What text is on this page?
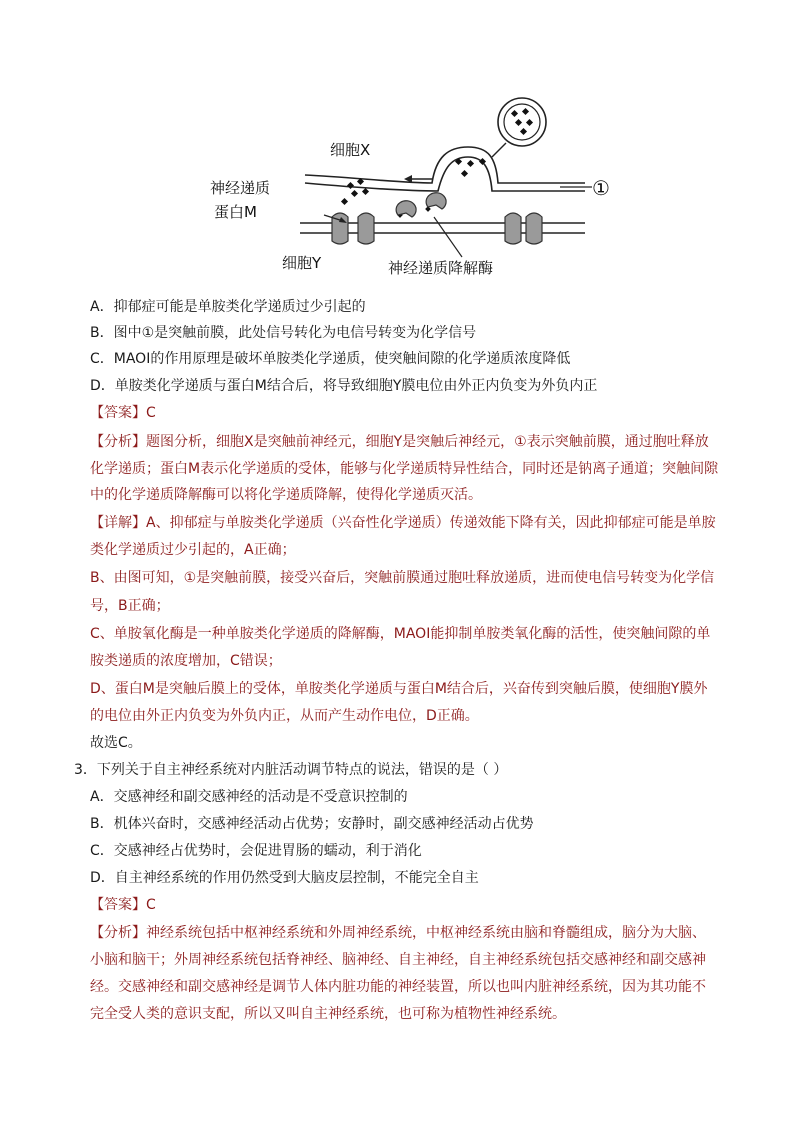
细胞X
神经递质
蛋白M
细胞Y	神经递质降解酶
①
A．抑郁症可能是单胺类化学递质过少引起的
B．图中①是突触前膜，此处信号转化为电信号转变为化学信号
C．MAOI的作用原理是破坏单胺类化学递质，使突触间隙的化学递质浓度降低
D．单胺类化学递质与蛋白M结合后，将导致细胞Y膜电位由外正内负变为外负内正
【答案】C
【分析】题图分析，细胞X是突触前神经元，细胞Y是突触后神经元，①表示突触前膜，通过胞吐释放
化学递质；蛋白M表示化学递质的受体，能够与化学递质特异性结合，同时还是钠离子通道；突触间隙
中的化学递质降解酶可以将化学递质降解，使得化学递质灭活。
【详解】A、抑郁症与单胺类化学递质（兴奋性化学递质）传递效能下降有关，因此抑郁症可能是单胺
类化学递质过少引起的，A正确；
B、由图可知，①是突触前膜，接受兴奋后，突触前膜通过胞吐释放递质，进而使电信号转变为化学信
号，B正确；
C、单胺氧化酶是一种单胺类化学递质的降解酶，MAOI能抑制单胺类氧化酶的活性，使突触间隙的单
胺类递质的浓度增加，C错误；
D、蛋白M是突触后膜上的受体，单胺类化学递质与蛋白M结合后，兴奋传到突触后膜，使细胞Y膜外
的电位由外正内负变为外负内正，从而产生动作电位，D正确。
故选C。
3．下列关于自主神经系统对内脏活动调节特点的说法，错误的是（ ）
A．交感神经和副交感神经的活动是不受意识控制的
B．机体兴奋时，交感神经活动占优势；安静时，副交感神经活动占优势
C．交感神经占优势时，会促进胃肠的蠕动，利于消化
D．自主神经系统的作用仍然受到大脑皮层控制，不能完全自主
【答案】C
【分析】神经系统包括中枢神经系统和外周神经系统，中枢神经系统由脑和脊髓组成，脑分为大脑、
小脑和脑干；外周神经系统包括脊神经、脑神经、自主神经，自主神经系统包括交感神经和副交感神
经。交感神经和副交感神经是调节人体内脏功能的神经装置，所以也叫内脏神经系统，因为其功能不
完全受人类的意识支配，所以又叫自主神经系统，也可称为植物性神经系统。
